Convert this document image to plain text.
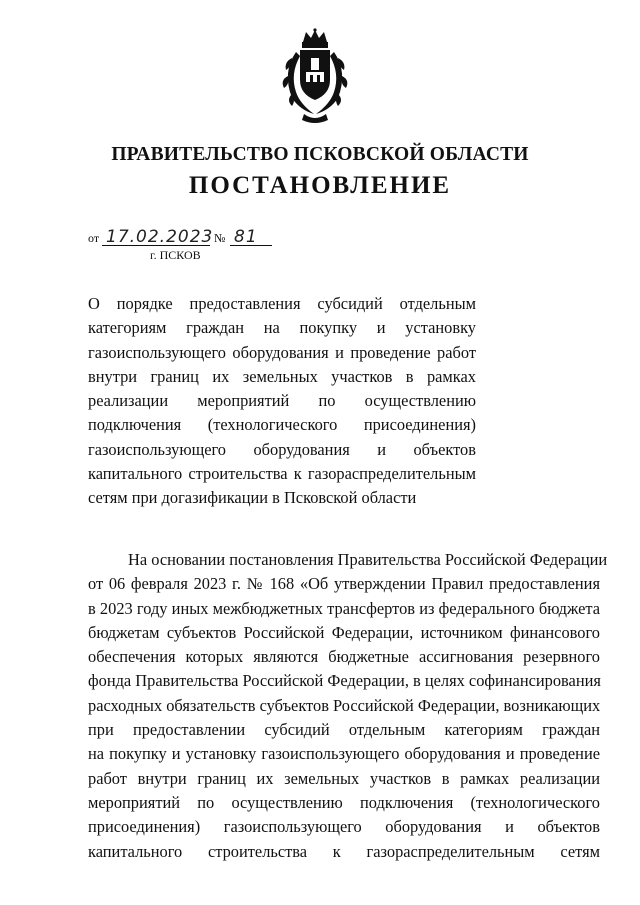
ПРАВИТЕЛЬСТВО ПСКОВСКОЙ ОБЛАСТИ
ПОСТАНОВЛЕНИЕ
от 17.02.2023 № 81
г. ПСКОВ
О порядке предоставления субсидий отдельным
категориям граждан на покупку и установку
газоиспользующего оборудования и проведение работ
внутри границ их земельных участков в рамках
реализации мероприятий по осуществлению
подключения (технологического присоединения)
газоиспользующего оборудования и объектов
капитального строительства к газораспределительным
сетям при догазификации в Псковской области
На основании постановления Правительства Российской Федерации
от 06 февраля 2023 г. № 168 «Об утверждении Правил предоставления
в 2023 году иных межбюджетных трансфертов из федерального бюджета
бюджетам субъектов Российской Федерации, источником финансового
обеспечения которых являются бюджетные ассигнования резервного
фонда Правительства Российской Федерации, в целях софинансирования
расходных обязательств субъектов Российской Федерации, возникающих
при предоставлении субсидий отдельным категориям граждан
на покупку и установку газоиспользующего оборудования и проведение
работ внутри границ их земельных участков в рамках реализации
мероприятий по осуществлению подключения (технологического
присоединения) газоиспользующего оборудования и объектов
капитального строительства к газораспределительным сетям
